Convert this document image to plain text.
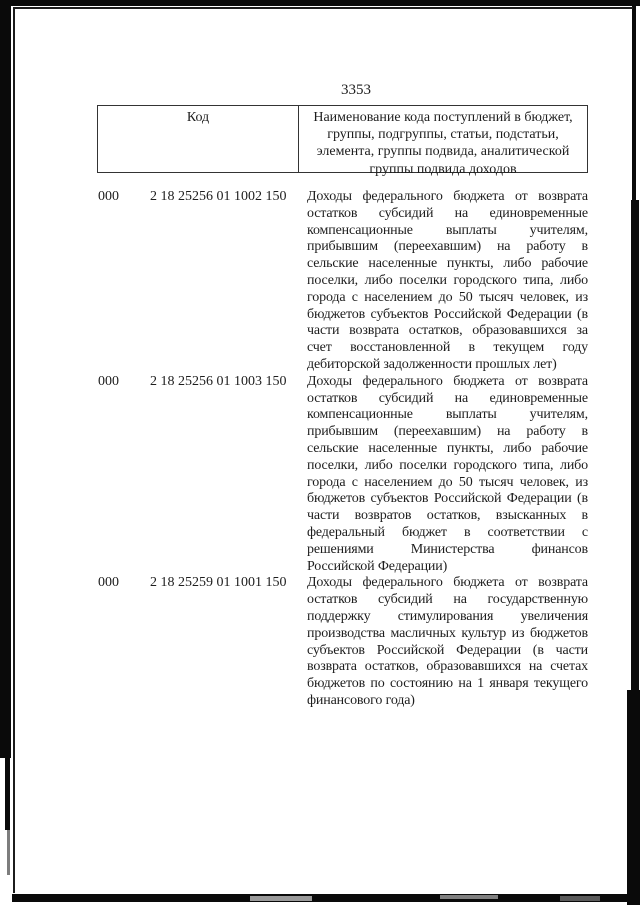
3353
Код	Наименование кода поступлений в бюджет, группы, подгруппы, статьи, подстатьи, элемента, группы подвида, аналитической группы подвида доходов
000	2 18 25256 01 1002 150	Доходы федерального бюджета от возврата остатков субсидий на единовременные компенсационные выплаты учителям, прибывшим (переехавшим) на работу в сельские населенные пункты, либо рабочие поселки, либо поселки городского типа, либо города с населением до 50 тысяч человек, из бюджетов субъектов Российской Федерации (в части возврата остатков, образовавшихся за счет восстановленной в текущем году дебиторской задолженности прошлых лет)
000	2 18 25256 01 1003 150	Доходы федерального бюджета от возврата остатков субсидий на единовременные компенсационные выплаты учителям, прибывшим (переехавшим) на работу в сельские населенные пункты, либо рабочие поселки, либо поселки городского типа, либо города с населением до 50 тысяч человек, из бюджетов субъектов Российской Федерации (в части возвратов остатков, взысканных в федеральный бюджет в соответствии с решениями Министерства финансов Российской Федерации)
000	2 18 25259 01 1001 150	Доходы федерального бюджета от возврата остатков субсидий на государственную поддержку стимулирования увеличения производства масличных культур из бюджетов субъектов Российской Федерации (в части возврата остатков, образовавшихся на счетах бюджетов по состоянию на 1 января текущего финансового года)
